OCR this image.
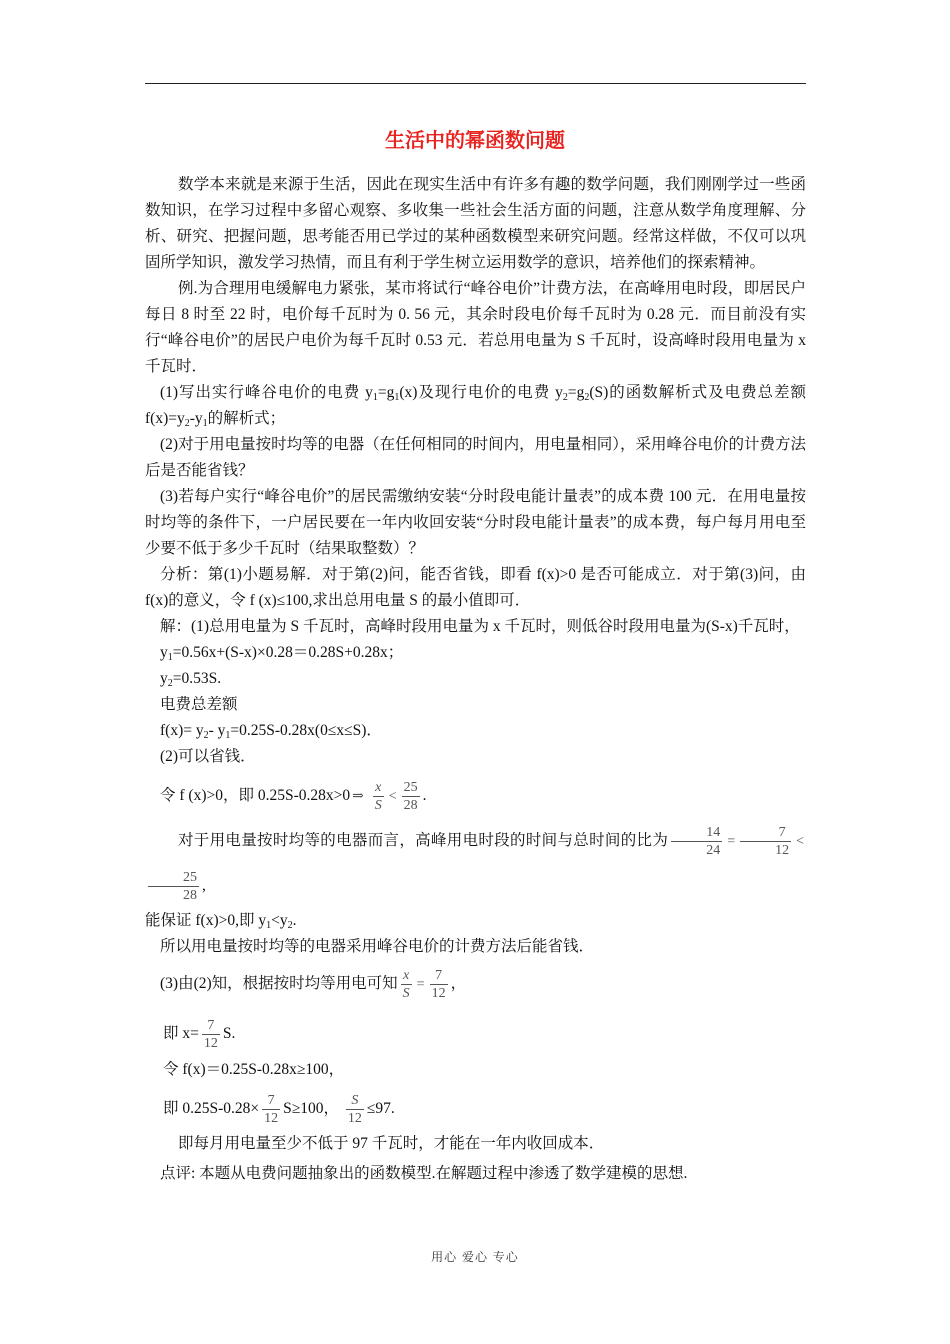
生活中的幂函数问题

数学本来就是来源于生活，因此在现实生活中有许多有趣的数学问题，我们刚刚学过一些函数知识，在学习过程中多留心观察、多收集一些社会生活方面的问题，注意从数学角度理解、分析、研究、把握问题，思考能否用已学过的某种函数模型来研究问题。经常这样做，不仅可以巩固所学知识，激发学习热情，而且有利于学生树立运用数学的意识，培养他们的探索精神。

例.为合理用电缓解电力紧张，某市将试行“峰谷电价”计费方法，在高峰用电时段，即居民户每日 8 时至 22 时，电价每千瓦时为 0. 56 元，其余时段电价每千瓦时为 0.28 元．而目前没有实行“峰谷电价”的居民户电价为每千瓦时 0.53 元．若总用电量为 S 千瓦时，设高峰时段用电量为 x 千瓦时．

(1)写出实行峰谷电价的电费 $y_1=g_1(x)$及现行电价的电费 $y_2=g_2(S)$的函数解析式及电费总差额 $f(x)=y_2-y_1$的解析式；

(2)对于用电量按时均等的电器（在任何相同的时间内，用电量相同），采用峰谷电价的计费方法后是否能省钱？

(3)若每户实行“峰谷电价”的居民需缴纳安装“分时段电能计量表”的成本费 100 元．在用电量按时均等的条件下，一户居民要在一年内收回安装“分时段电能计量表”的成本费，每户每月用电至少要不低于多少千瓦时（结果取整数）？

分析：第(1)小题易解．对于第(2)问，能否省钱，即看 f(x)>0 是否可能成立．对于第(3)问，由 f(x)的意义，令 f (x)≤100,求出总用电量 S 的最小值即可．

解：(1)总用电量为 S 千瓦时，高峰时段用电量为 x 千瓦时，则低谷时段用电量为(S-x)千瓦时，

$y_1=0.56x+(S-x)\times 0.28=0.28S+0.28x$；

$y_2=0.53S$.

电费总差额

$f(x)= y_2-$ $y_1=0.25S-0.28x(0\le x\le S)$．

(2)可以省钱．

令 f (x)>0，即 0.25S-0.28x>0 ⇒ $\frac{x}{S} < \frac{25}{28}$ .

对于用电量按时均等的电器而言，高峰用电时段的时间与总时间的比为 $\frac{14}{24} = \frac{7}{12}$ <
$\frac{25}{28}$ ,

能保证 f(x)>0,即 $y_1<y_2$.

所以用电量按时均等的电器采用峰谷电价的计费方法后能省钱．

(3)由(2)知，根据按时均等用电可知 $\frac{x}{S} = \frac{7}{12}$ ，

即 $x= \frac{7}{12} S$.

令 f(x)＝0.25S-0.28x≥100，

即 $0.25S-0.28\times \frac{7}{12} S\ge 100$， $\frac{S}{12} \le 97$.

即每月用电量至少不低于 97 千瓦时，才能在一年内收回成本．

点评: 本题从电费问题抽象出的函数模型.在解题过程中渗透了数学建模的思想.

用心 爱心 专心
